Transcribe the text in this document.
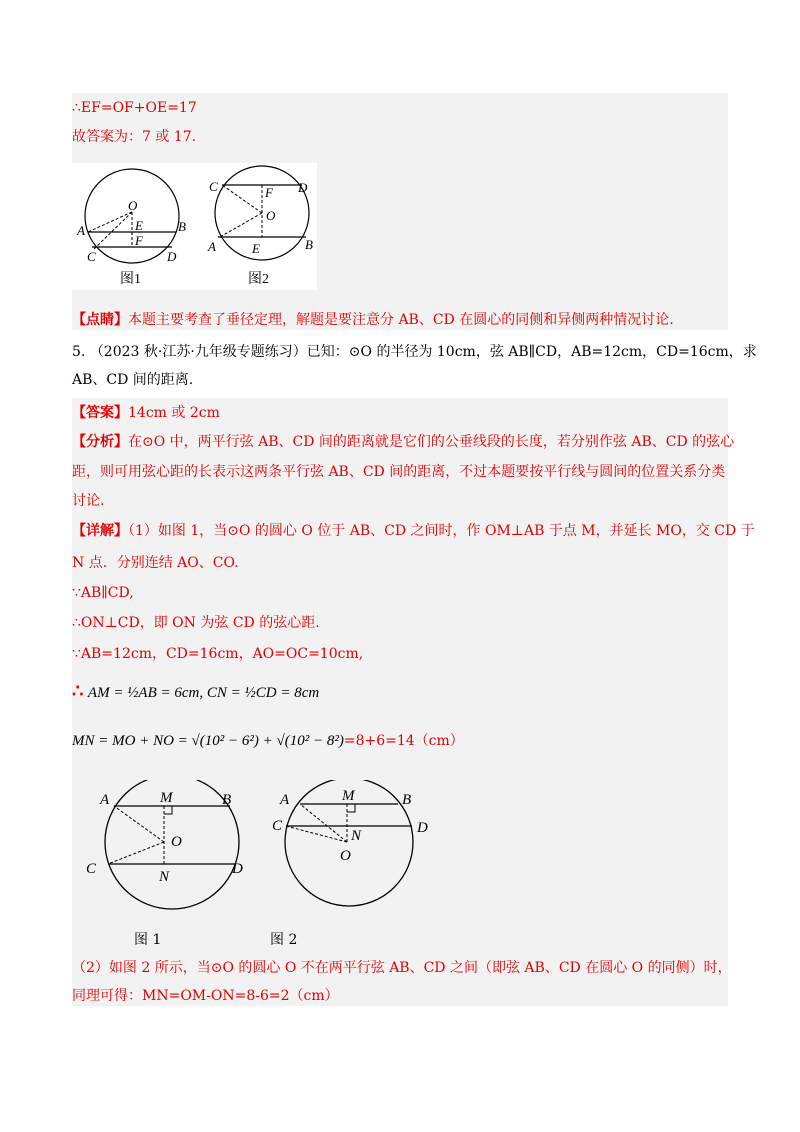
∴EF=OF+OE=17
故答案为：7 或 17.
O
E
F
A	B
C	D
图1
C	D
F
O
A	E	B
图2
【点睛】本题主要考查了垂径定理，解题是要注意分 AB、CD 在圆心的同侧和异侧两种情况讨论.
5. （2023 秋·江苏·九年级专题练习）已知：⊙O 的半径为 10cm，弦 AB∥CD，AB=12cm，CD=16cm，求
AB、CD 间的距离.
【答案】14cm 或 2cm
【分析】在⊙O 中，两平行弦 AB、CD 间的距离就是它们的公垂线段的长度，若分别作弦 AB、CD 的弦心
距，则可用弦心距的长表示这两条平行弦 AB、CD 间的距离，不过本题要按平行线与圆间的位置关系分类
讨论.
【详解】（1）如图 1，当⊙O 的圆心 O 位于 AB、CD 之间时，作 OM⊥AB 于点 M，并延长 MO，交 CD 于
N 点．分别连结 AO、CO.
∵AB∥CD,
∴ON⊥CD，即 ON 为弦 CD 的弦心距.
∵AB=12cm，CD=16cm，AO=OC=10cm,
∴ AM = ½AB = 6cm, CN = ½CD = 8cm
MN = MO + NO = √(10² − 6²) + √(10² − 8²)=8+6=14（cm）
A	M	B
O
C	N	D
A	M	B
C
N	D
O
图 1	图 2
（2）如图 2 所示，当⊙O 的圆心 O 不在两平行弦 AB、CD 之间（即弦 AB、CD 在圆心 O 的同侧）时，
同理可得：MN=OM-ON=8-6=2（cm）
